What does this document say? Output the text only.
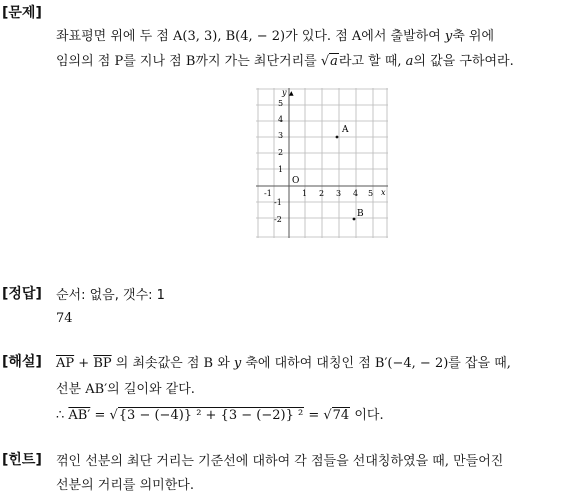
[문제]
좌표평면 위에 두 점 A(3, 3), B(4, − 2)가 있다. 점 A에서 출발하여 𝑦축 위에
임의의 점 P를 지나 점 B까지 가는 최단거리를 √𝑎라고 할 때, 𝑎의 값을 구하여라.
y ▲
x
O
-1	1 2 3 4 5
5
4
3
2
1
-1
-2
A
B
[정답] 순서: 없음, 갯수: 1
74
[해설] $\overline{AP} + \overline{BP}$ 의 최솟값은 점 B 와 𝑦 축에 대하여 대칭인 점 B′(−4, − 2)를 잡을 때,
선분 AB′의 길이와 같다.
∴ AB′ = √{3 − (−4)} ² + {3 − (−2)} ² = √74 이다.
[힌트] 꺾인 선분의 최단 거리는 기준선에 대하여 각 점들을 선대칭하였을 때, 만들어진
선분의 거리를 의미한다.
